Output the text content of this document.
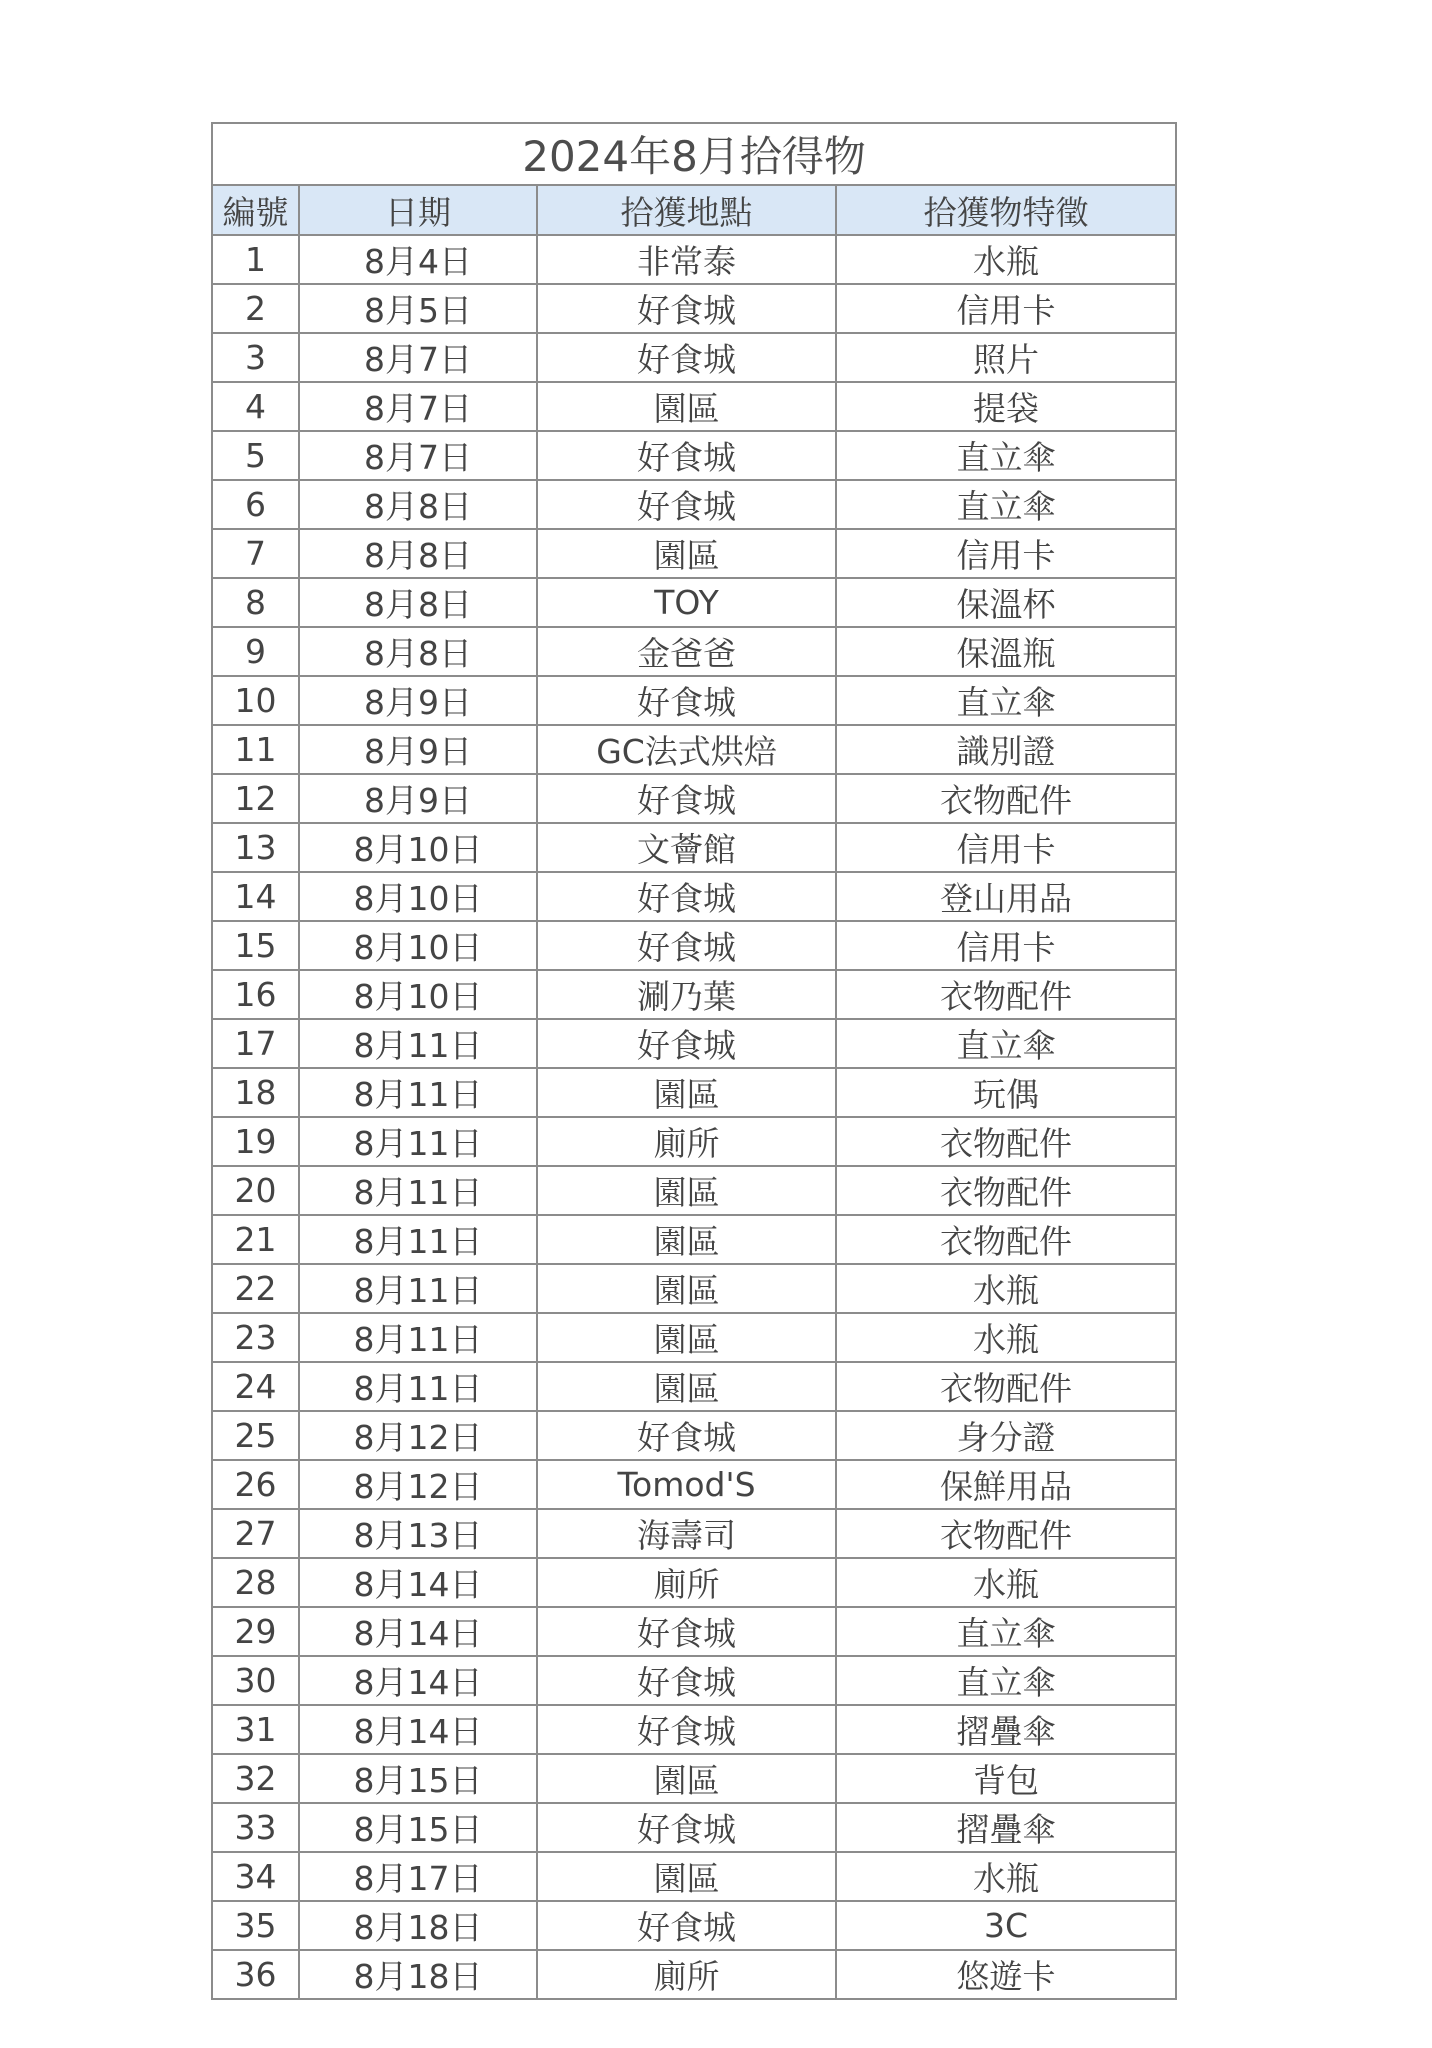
2024年8月拾得物			
編號	日期	拾獲地點	拾獲物特徵
1	8月4日	非常泰	水瓶
2	8月5日	好食城	信用卡
3	8月7日	好食城	照片
4	8月7日	園區	提袋
5	8月7日	好食城	直立傘
6	8月8日	好食城	直立傘
7	8月8日	園區	信用卡
8	8月8日	TOY	保溫杯
9	8月8日	金爸爸	保溫瓶
10	8月9日	好食城	直立傘
11	8月9日	GC法式烘焙	識別證
12	8月9日	好食城	衣物配件
13	8月10日	文薈館	信用卡
14	8月10日	好食城	登山用品
15	8月10日	好食城	信用卡
16	8月10日	涮乃葉	衣物配件
17	8月11日	好食城	直立傘
18	8月11日	園區	玩偶
19	8月11日	廁所	衣物配件
20	8月11日	園區	衣物配件
21	8月11日	園區	衣物配件
22	8月11日	園區	水瓶
23	8月11日	園區	水瓶
24	8月11日	園區	衣物配件
25	8月12日	好食城	身分證
26	8月12日	Tomod'S	保鮮用品
27	8月13日	海壽司	衣物配件
28	8月14日	廁所	水瓶
29	8月14日	好食城	直立傘
30	8月14日	好食城	直立傘
31	8月14日	好食城	摺疊傘
32	8月15日	園區	背包
33	8月15日	好食城	摺疊傘
34	8月17日	園區	水瓶
35	8月18日	好食城	3C
36	8月18日	廁所	悠遊卡
